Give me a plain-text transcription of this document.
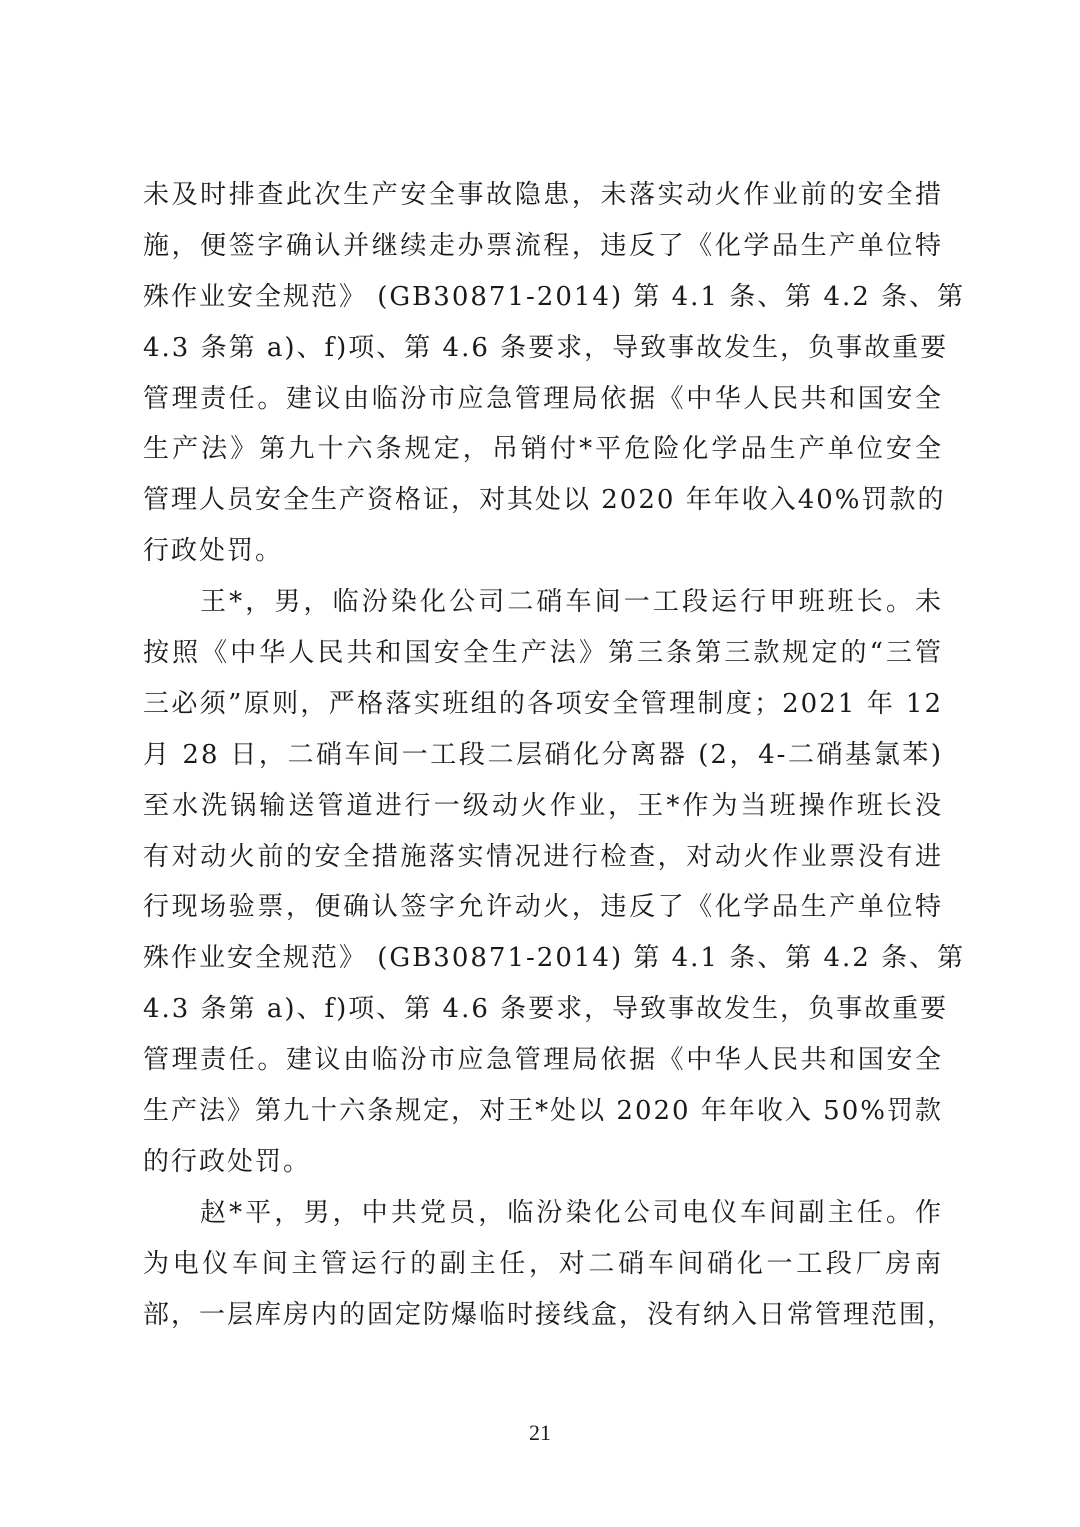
未及时排查此次生产安全事故隐患，未落实动火作业前的安全措
施，便签字确认并继续走办票流程，违反了《化学品生产单位特
殊作业安全规范》 (GB30871-2014) 第 4.1 条、第 4.2 条、第
4.3 条第 a)、f)项、第 4.6 条要求，导致事故发生，负事故重要
管理责任。建议由临汾市应急管理局依据《中华人民共和国安全
生产法》第九十六条规定，吊销付*平危险化学品生产单位安全
管理人员安全生产资格证，对其处以 2020 年年收入40%罚款的
行政处罚。
王*，男，临汾染化公司二硝车间一工段运行甲班班长。未
按照《中华人民共和国安全生产法》第三条第三款规定的“三管
三必须”原则，严格落实班组的各项安全管理制度；2021 年 12
月 28 日，二硝车间一工段二层硝化分离器 (2，4-二硝基氯苯)
至水洗锅输送管道进行一级动火作业，王*作为当班操作班长没
有对动火前的安全措施落实情况进行检查，对动火作业票没有进
行现场验票，便确认签字允许动火，违反了《化学品生产单位特
殊作业安全规范》 (GB30871-2014) 第 4.1 条、第 4.2 条、第
4.3 条第 a)、f)项、第 4.6 条要求，导致事故发生，负事故重要
管理责任。建议由临汾市应急管理局依据《中华人民共和国安全
生产法》第九十六条规定，对王*处以 2020 年年收入 50%罚款
的行政处罚。
赵*平，男，中共党员，临汾染化公司电仪车间副主任。作
为电仪车间主管运行的副主任，对二硝车间硝化一工段厂房南
部，一层库房内的固定防爆临时接线盒，没有纳入日常管理范围，
21
